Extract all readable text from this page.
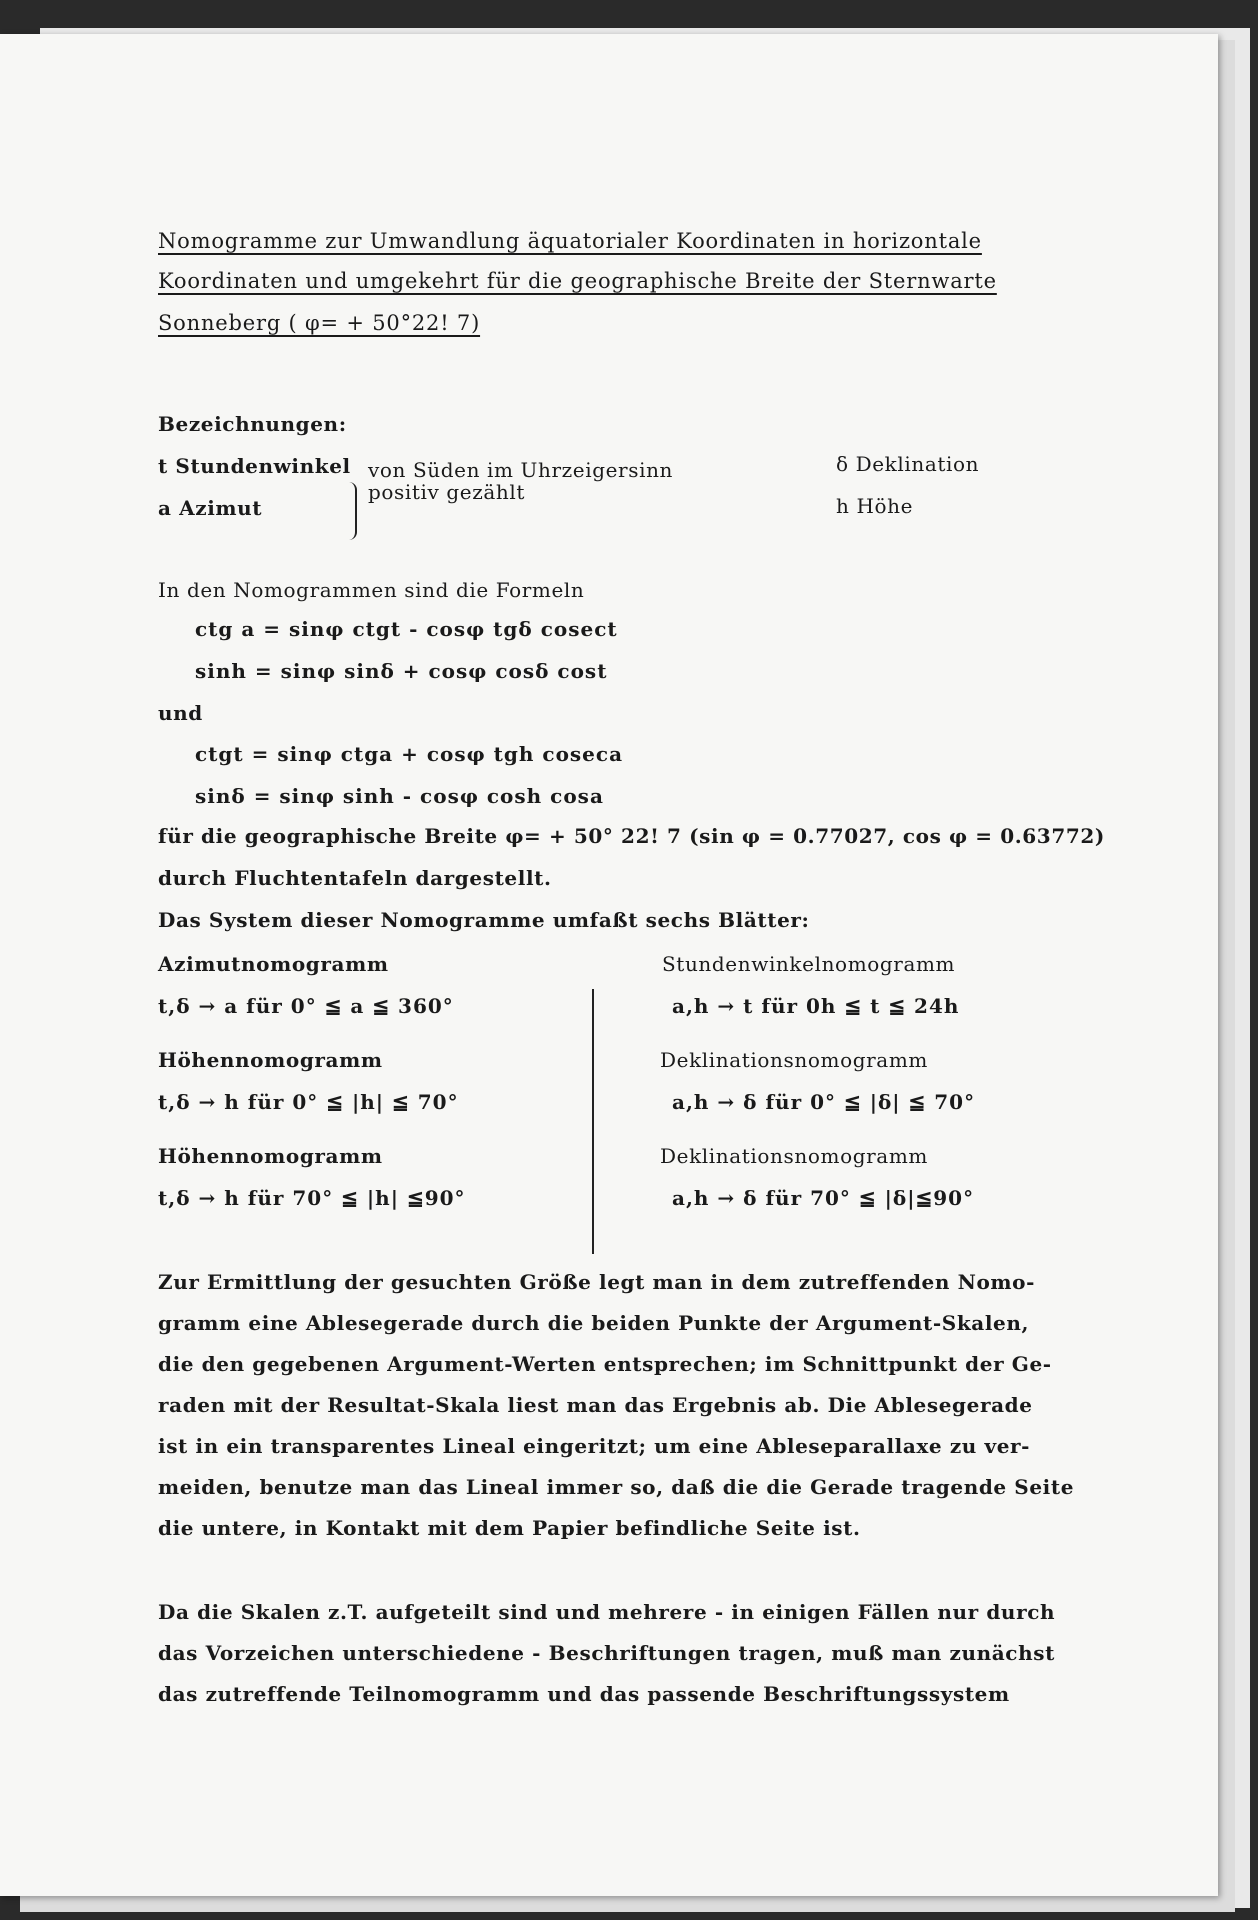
Nomogramme zur Umwandlung äquatorialer Koordinaten in horizontale
Koordinaten und umgekehrt für die geographische Breite der Sternwarte
Sonneberg ( φ= + 50°22! 7)
Bezeichnungen:
t Stundenwinkel
a Azimut
von Süden im Uhrzeigersinn
positiv gezählt
δ Deklination
h Höhe
In den Nomogrammen sind die Formeln
ctg a = sinφ ctgt - cosφ tgδ cosect
sinh = sinφ sinδ + cosφ cosδ cost
und
ctgt = sinφ ctga + cosφ tgh coseca
sinδ = sinφ sinh - cosφ cosh cosa
für die geographische Breite φ= + 50° 22! 7 (sin φ = 0.77027, cos φ = 0.63772)
durch Fluchtentafeln dargestellt.
Das System dieser Nomogramme umfaßt sechs Blätter:
Azimutnomogramm
t,δ → a für 0° ≦ a ≦ 360°
Höhennomogramm
t,δ → h für 0° ≦ |h| ≦ 70°
Höhennomogramm
t,δ → h für 70° ≦ |h| ≦90°
Stundenwinkelnomogramm
a,h → t für 0h ≦ t ≦ 24h
Deklinationsnomogramm
a,h → δ für 0° ≦ |δ| ≦ 70°
Deklinationsnomogramm
a,h → δ für 70° ≦ |δ|≦90°
Zur Ermittlung der gesuchten Größe legt man in dem zutreffenden Nomo-
gramm eine Ablesegerade durch die beiden Punkte der Argument-Skalen,
die den gegebenen Argument-Werten entsprechen; im Schnittpunkt der Ge-
raden mit der Resultat-Skala liest man das Ergebnis ab. Die Ablesegerade
ist in ein transparentes Lineal eingeritzt; um eine Ableseparallaxe zu ver-
meiden, benutze man das Lineal immer so, daß die die Gerade tragende Seite
die untere, in Kontakt mit dem Papier befindliche Seite ist.
Da die Skalen z.T. aufgeteilt sind und mehrere - in einigen Fällen nur durch
das Vorzeichen unterschiedene - Beschriftungen tragen, muß man zunächst
das zutreffende Teilnomogramm und das passende Beschriftungssystem
